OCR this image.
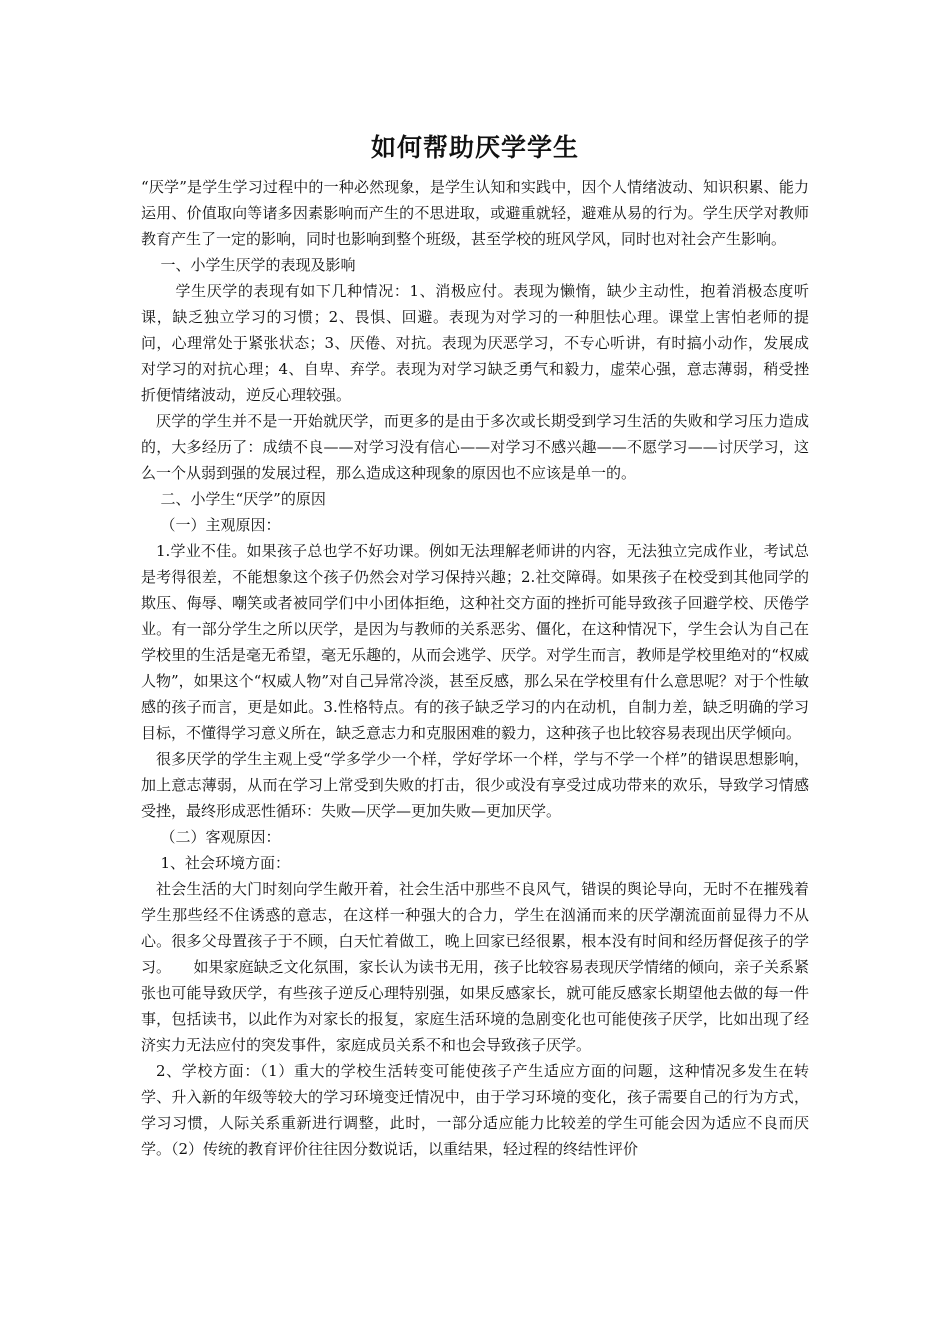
如何帮助厌学学生

“厌学”是学生学习过程中的一种必然现象，是学生认知和实践中，因个人情绪波动、知识积累、能力运用、价值取向等诸多因素影响而产生的不思进取，或避重就轻，避难从易的行为。学生厌学对教师教育产生了一定的影响，同时也影响到整个班级，甚至学校的班风学风，同时也对社会产生影响。

一、小学生厌学的表现及影响

学生厌学的表现有如下几种情况：1、消极应付。表现为懒惰，缺少主动性，抱着消极态度听课，缺乏独立学习的习惯；2、畏惧、回避。表现为对学习的一种胆怯心理。课堂上害怕老师的提问，心理常处于紧张状态；3、厌倦、对抗。表现为厌恶学习，不专心听讲，有时搞小动作，发展成对学习的对抗心理；4、自卑、弃学。表现为对学习缺乏勇气和毅力，虚荣心强，意志薄弱，稍受挫折便情绪波动，逆反心理较强。

厌学的学生并不是一开始就厌学，而更多的是由于多次或长期受到学习生活的失败和学习压力造成的，大多经历了：成绩不良——对学习没有信心——对学习不感兴趣——不愿学习——讨厌学习，这么一个从弱到强的发展过程，那么造成这种现象的原因也不应该是单一的。

二、小学生“厌学”的原因

（一）主观原因：

1.学业不佳。如果孩子总也学不好功课。例如无法理解老师讲的内容，无法独立完成作业，考试总是考得很差，不能想象这个孩子仍然会对学习保持兴趣；2.社交障碍。如果孩子在校受到其他同学的欺压、侮辱、嘲笑或者被同学们中小团体拒绝，这种社交方面的挫折可能导致孩子回避学校、厌倦学业。有一部分学生之所以厌学，是因为与教师的关系恶劣、僵化，在这种情况下，学生会认为自己在学校里的生活是毫无希望，毫无乐趣的，从而会逃学、厌学。对学生而言，教师是学校里绝对的“权威人物”，如果这个“权威人物”对自己异常冷淡，甚至反感，那么呆在学校里有什么意思呢？对于个性敏感的孩子而言，更是如此。3.性格特点。有的孩子缺乏学习的内在动机，自制力差，缺乏明确的学习目标，不懂得学习意义所在，缺乏意志力和克服困难的毅力，这种孩子也比较容易表现出厌学倾向。

很多厌学的学生主观上受“学多学少一个样，学好学坏一个样，学与不学一个样”的错误思想影响，加上意志薄弱，从而在学习上常受到失败的打击，很少或没有享受过成功带来的欢乐，导致学习情感受挫，最终形成恶性循环：失败—厌学—更加失败—更加厌学。

（二）客观原因：

1、社会环境方面：

社会生活的大门时刻向学生敞开着，社会生活中那些不良风气，错误的舆论导向，无时不在摧残着学生那些经不住诱惑的意志，在这样一种强大的合力，学生在汹涌而来的厌学潮流面前显得力不从心。很多父母置孩子于不顾，白天忙着做工，晚上回家已经很累，根本没有时间和经历督促孩子的学习。　　如果家庭缺乏文化氛围，家长认为读书无用，孩子比较容易表现厌学情绪的倾向，亲子关系紧张也可能导致厌学，有些孩子逆反心理特别强，如果反感家长，就可能反感家长期望他去做的每一件事，包括读书，以此作为对家长的报复，家庭生活环境的急剧变化也可能使孩子厌学，比如出现了经济实力无法应付的突发事件，家庭成员关系不和也会导致孩子厌学。

2、学校方面：（1）重大的学校生活转变可能使孩子产生适应方面的问题，这种情况多发生在转学、升入新的年级等较大的学习环境变迁情况中，由于学习环境的变化，孩子需要自己的行为方式，学习习惯，人际关系重新进行调整，此时，一部分适应能力比较差的学生可能会因为适应不良而厌学。（2）传统的教育评价往往因分数说话，以重结果，轻过程的终结性评价
